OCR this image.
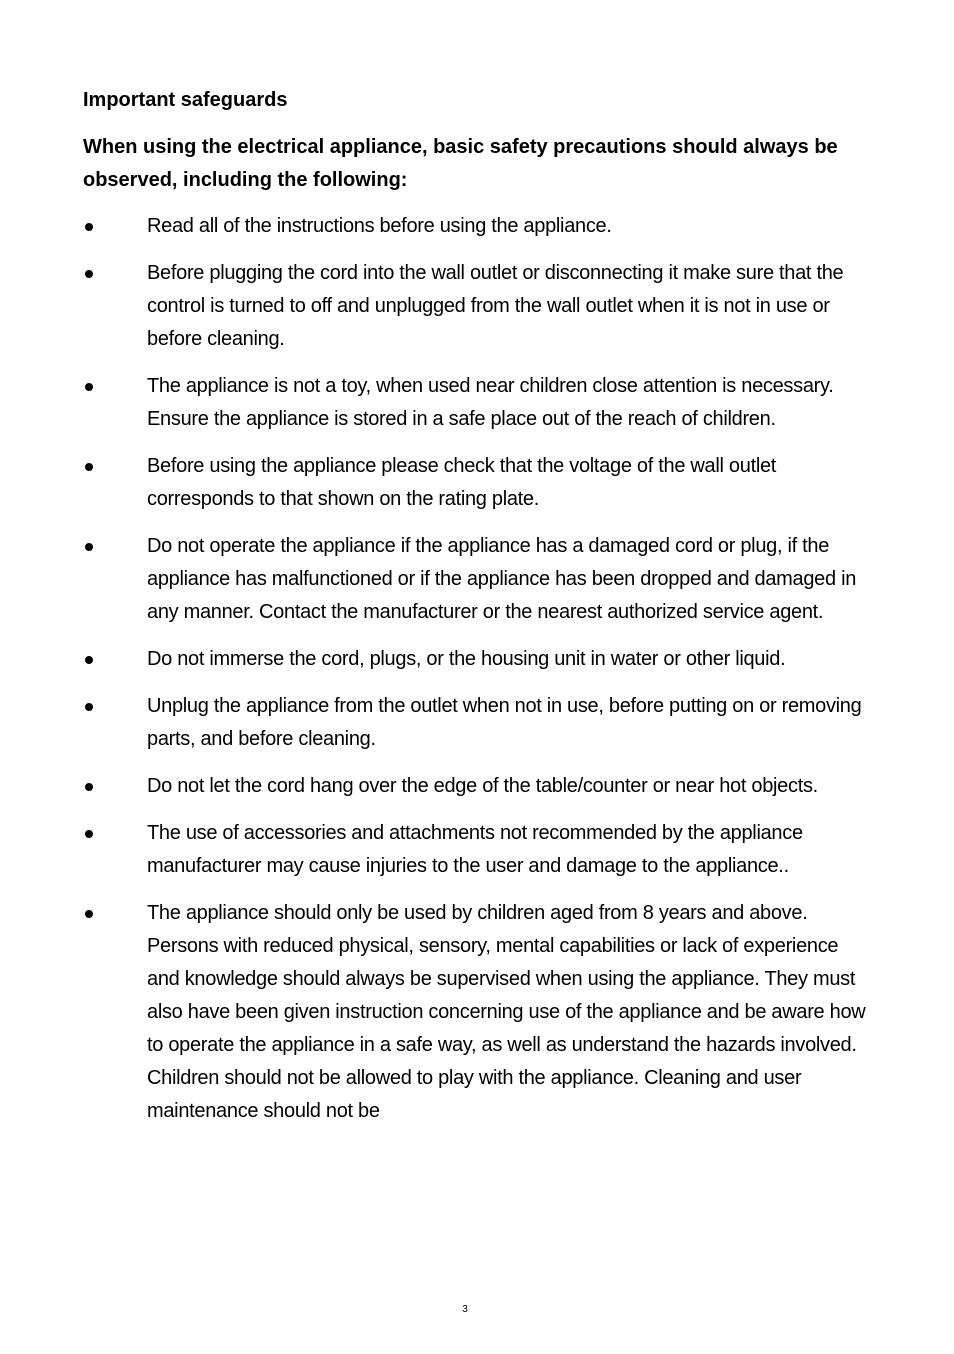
Important safeguards

When using the electrical appliance, basic safety precautions should always be observed, including the following:

Read all of the instructions before using the appliance.
Before plugging the cord into the wall outlet or disconnecting it make sure that the control is turned to off and unplugged from the wall outlet when it is not in use or before cleaning.
The appliance is not a toy, when used near children close attention is necessary. Ensure the appliance is stored in a safe place out of the reach of children.
Before using the appliance please check that the voltage of the wall outlet corresponds to that shown on the rating plate.
Do not operate the appliance if the appliance has a damaged cord or plug, if the appliance has malfunctioned or if the appliance has been dropped and damaged in any manner. Contact the manufacturer or the nearest authorized service agent.
Do not immerse the cord, plugs, or the housing unit in water or other liquid.
Unplug the appliance from the outlet when not in use, before putting on or removing parts, and before cleaning.
Do not let the cord hang over the edge of the table/counter or near hot objects.
The use of accessories and attachments not recommended by the appliance manufacturer may cause injuries to the user and damage to the appliance..
The appliance should only be used by children aged from 8 years and above. Persons with reduced physical, sensory, mental capabilities or lack of experience and knowledge should always be supervised when using the appliance. They must also have been given instruction concerning use of the appliance and be aware how to operate the appliance in a safe way, as well as understand the hazards involved. Children should not be allowed to play with the appliance. Cleaning and user maintenance should not be
3
